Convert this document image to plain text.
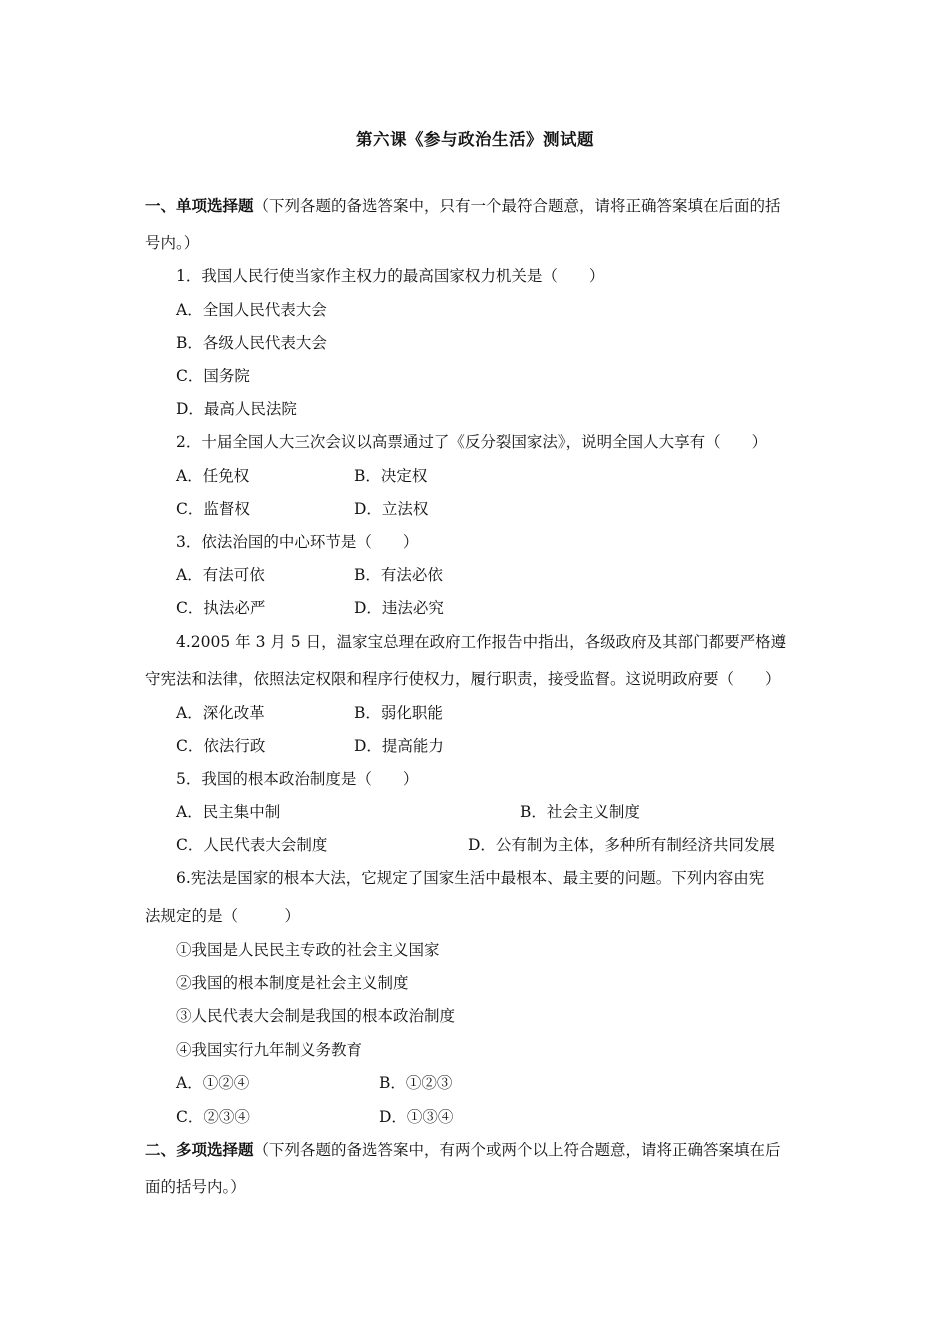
第六课《参与政治生活》测试题
一、单项选择题（下列各题的备选答案中，只有一个最符合题意，请将正确答案填在后面的括
号内。）
1．我国人民行使当家作主权力的最高国家权力机关是（　　）
A．全国人民代表大会
B．各级人民代表大会
C．国务院
D．最高人民法院
2．十届全国人大三次会议以高票通过了《反分裂国家法》，说明全国人大享有（　　）
A．任免权	B．决定权
C．监督权	D．立法权
3．依法治国的中心环节是（　　）
A．有法可依	B．有法必依
C．执法必严	D．违法必究
4.2005 年 3 月 5 日，温家宝总理在政府工作报告中指出，各级政府及其部门都要严格遵
守宪法和法律，依照法定权限和程序行使权力，履行职责，接受监督。这说明政府要（　　）
A．深化改革	B．弱化职能
C．依法行政	D．提高能力
5．我国的根本政治制度是（　　）
A．民主集中制	B．社会主义制度
C．人民代表大会制度	D．公有制为主体，多种所有制经济共同发展
6.宪法是国家的根本大法，它规定了国家生活中最根本、最主要的问题。下列内容由宪
法规定的是（　　　）
①我国是人民民主专政的社会主义国家
②我国的根本制度是社会主义制度
③人民代表大会制是我国的根本政治制度
④我国实行九年制义务教育
A．①②④	B．①②③
C．②③④	D．①③④
二、多项选择题（下列各题的备选答案中，有两个或两个以上符合题意，请将正确答案填在后
面的括号内。）
